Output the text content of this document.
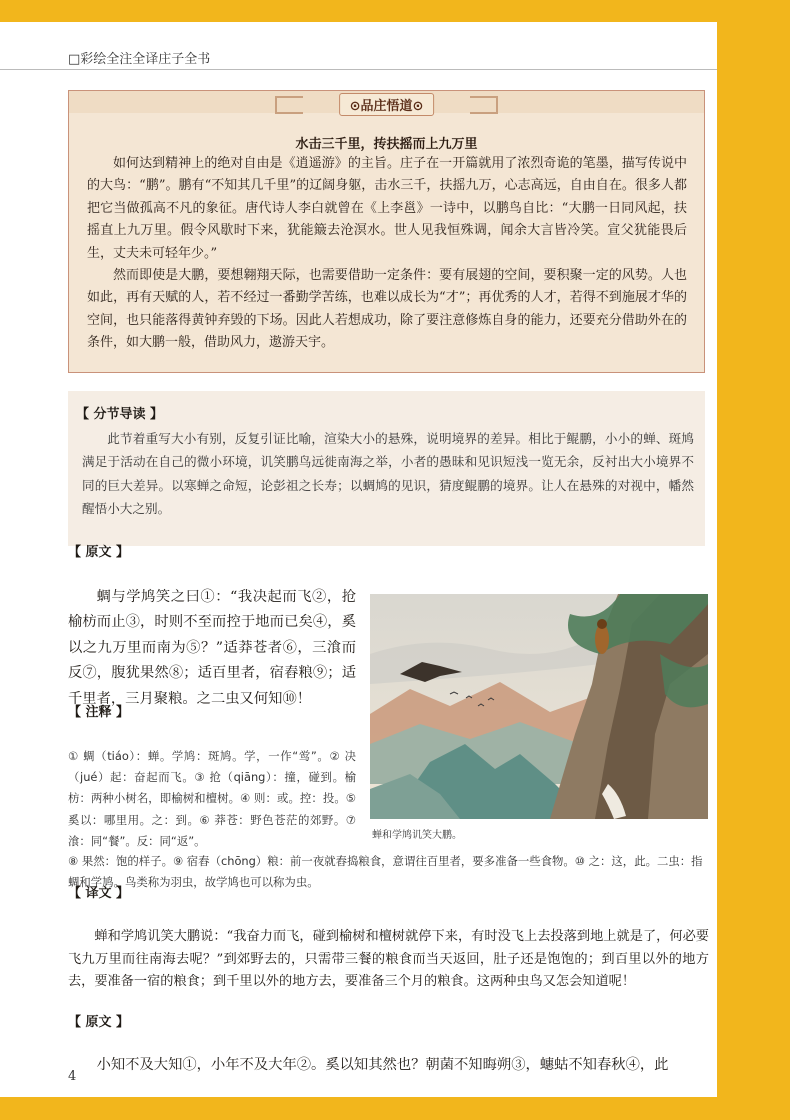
□彩绘全注全译庄子全书
⊙品庄悟道⊙
水击三千里，抟扶摇而上九万里

如何达到精神上的绝对自由是《逍遥游》的主旨。庄子在一开篇就用了浓烈奇诡的笔墨，描写传说中的大鸟：“鹏”。鹏有“不知其几千里”的辽阔身躯，击水三千，扶摇九万，心志高远，自由自在。很多人都把它当做孤高不凡的象征。唐代诗人李白就曾在《上李邕》一诗中，以鹏鸟自比：“大鹏一日同风起，扶摇直上九万里。假令风歇时下来，犹能簸去沧溟水。世人见我恒殊调，闻余大言皆冷笑。宣父犹能畏后生，丈夫未可轻年少。”

然而即使是大鹏，要想翱翔天际，也需要借助一定条件：要有展翅的空间，要积聚一定的风势。人也如此，再有天赋的人，若不经过一番勤学苦练，也难以成长为“才”；再优秀的人才，若得不到施展才华的空间，也只能落得黄钟弃毁的下场。因此人若想成功，除了要注意修炼自身的能力，还要充分借助外在的条件，如大鹏一般，借助风力，遨游天宇。

【 分节导读 】

此节着重写大小有别，反复引证比喻，渲染大小的悬殊，说明境界的差异。相比于鲲鹏，小小的蝉、斑鸠满足于活动在自己的微小环境，讥笑鹏鸟远徙南海之举，小者的愚昧和见识短浅一览无余，反衬出大小境界不同的巨大差异。以寒蝉之命短，论彭祖之长寿；以蜩鸠的见识，猜度鲲鹏的境界。让人在悬殊的对视中，幡然醒悟小大之别。

【 原文 】

蜩与学鸠笑之曰①：“我决起而飞②，抢榆枋而止③，时则不至而控于地而已矣④，奚以之九万里而南为⑤？”适莽苍者⑥，三湌而反⑦，腹犹果然⑧；适百里者，宿舂粮⑨；适千里者，三月聚粮。之二虫又何知⑩！

【 注释 】
① 蜩（tiáo）：蝉。学鸠：斑鸠。学，一作“鸴”。② 决（jué）起：奋起而飞。③ 抢（qiāng）：撞，碰到。榆枋：两种小树名，即榆树和檀树。④ 则：或。控：投。⑤ 奚以：哪里用。之：到。⑥ 莽苍：野色苍茫的郊野。⑦ 湌：同“餐”。反：同“返”。
⑧ 果然：饱的样子。⑨ 宿舂（chōng）粮：前一夜就舂捣粮食，意谓往百里者，要多准备一些食物。⑩ 之：这，此。二虫：指蜩和学鸠。鸟类称为羽虫，故学鸠也可以称为虫。
蝉和学鸠讥笑大鹏。
【 译文 】

蝉和学鸠讥笑大鹏说：“我奋力而飞，碰到榆树和檀树就停下来，有时没飞上去投落到地上就是了，何必要飞九万里而往南海去呢？”到郊野去的，只需带三餐的粮食而当天返回，肚子还是饱饱的；到百里以外的地方去，要准备一宿的粮食；到千里以外的地方去，要准备三个月的粮食。这两种虫鸟又怎会知道呢！

【 原文 】

小知不及大知①，小年不及大年②。奚以知其然也？朝菌不知晦朔③，蟪蛄不知春秋④，此

4
